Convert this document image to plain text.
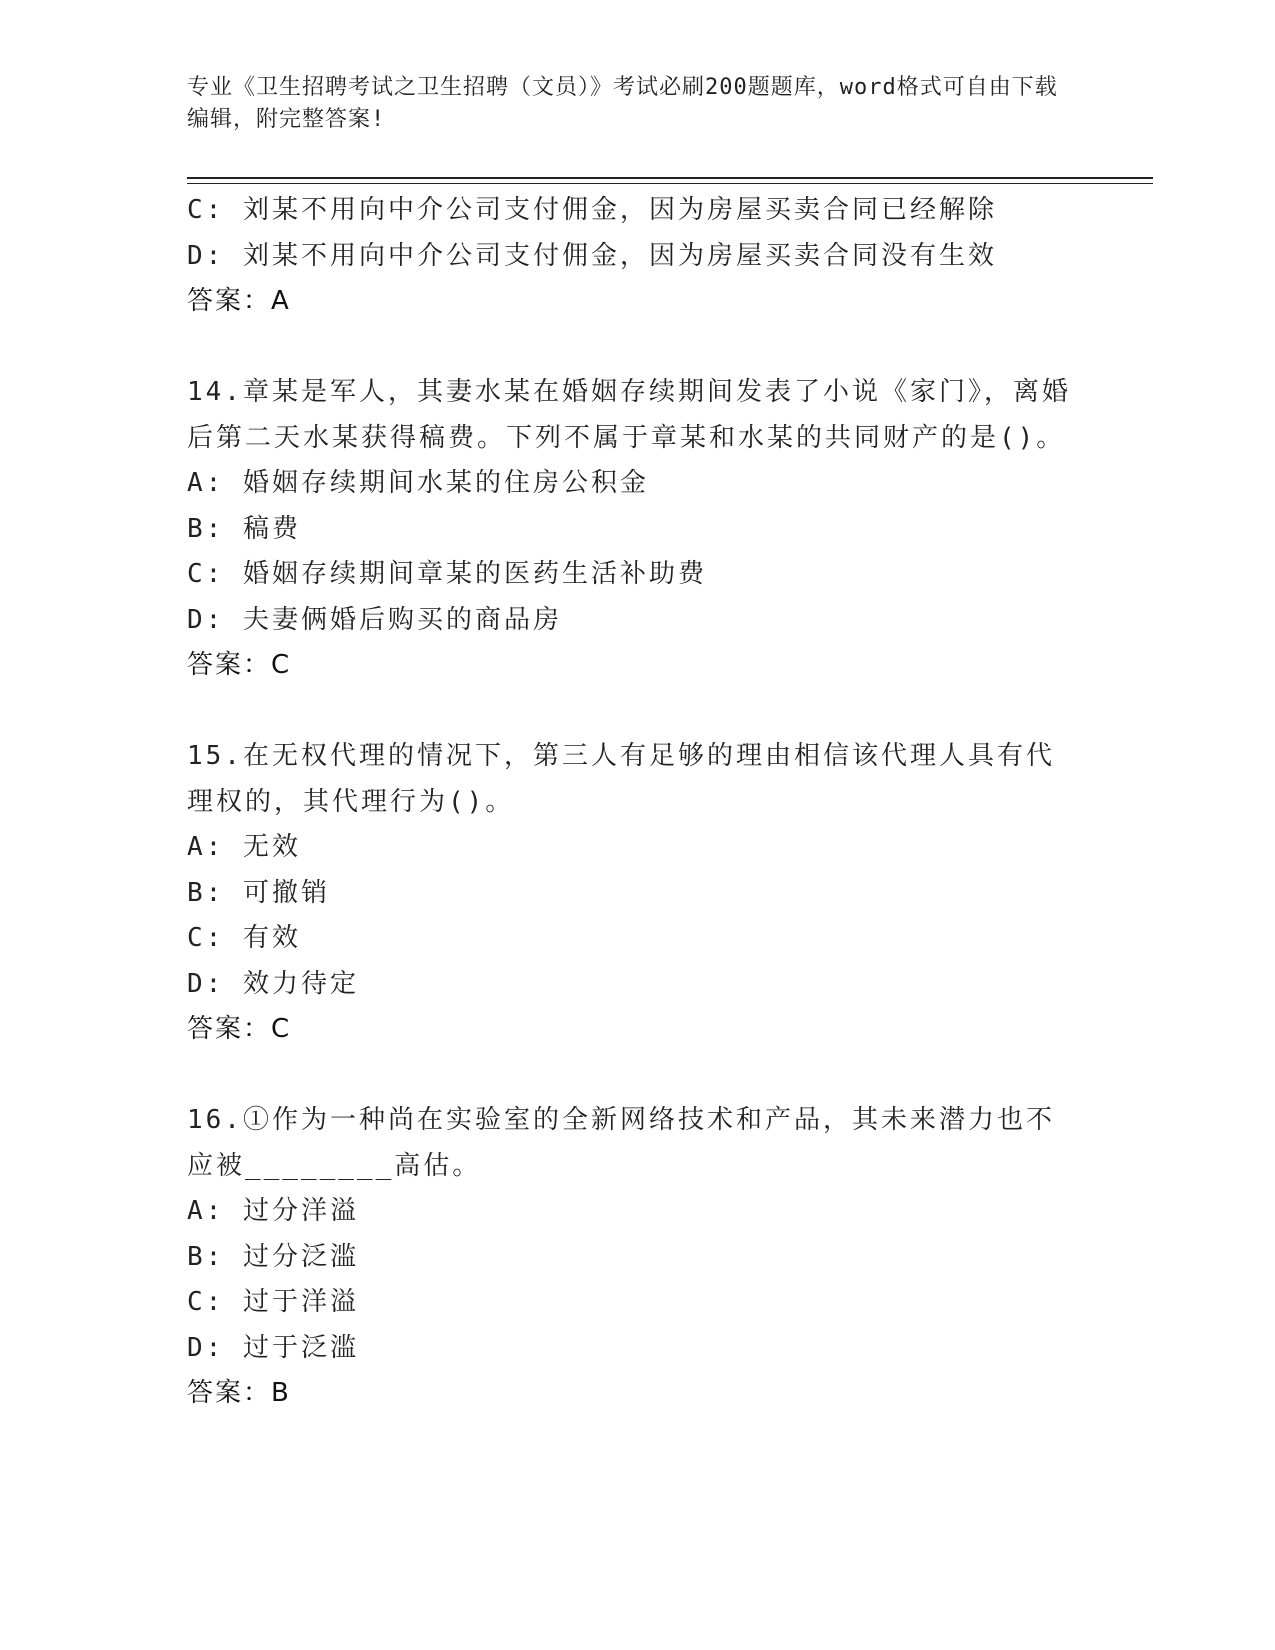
专业《卫生招聘考试之卫生招聘（文员）》考试必刷200题题库，word格式可自由下载编辑，附完整答案!
C: 刘某不用向中介公司支付佣金，因为房屋买卖合同已经解除
D: 刘某不用向中介公司支付佣金，因为房屋买卖合同没有生效
答案：A
14.章某是军人，其妻水某在婚姻存续期间发表了小说《家门》，离婚后第二天水某获得稿费。下列不属于章某和水某的共同财产的是()。
A: 婚姻存续期间水某的住房公积金
B: 稿费
C: 婚姻存续期间章某的医药生活补助费
D: 夫妻俩婚后购买的商品房
答案：C
15.在无权代理的情况下，第三人有足够的理由相信该代理人具有代理权的，其代理行为()。
A: 无效
B: 可撤销
C: 有效
D: 效力待定
答案：C
16.①作为一种尚在实验室的全新网络技术和产品，其未来潜力也不应被________高估。
A: 过分洋溢
B: 过分泛滥
C: 过于洋溢
D: 过于泛滥
答案：B
